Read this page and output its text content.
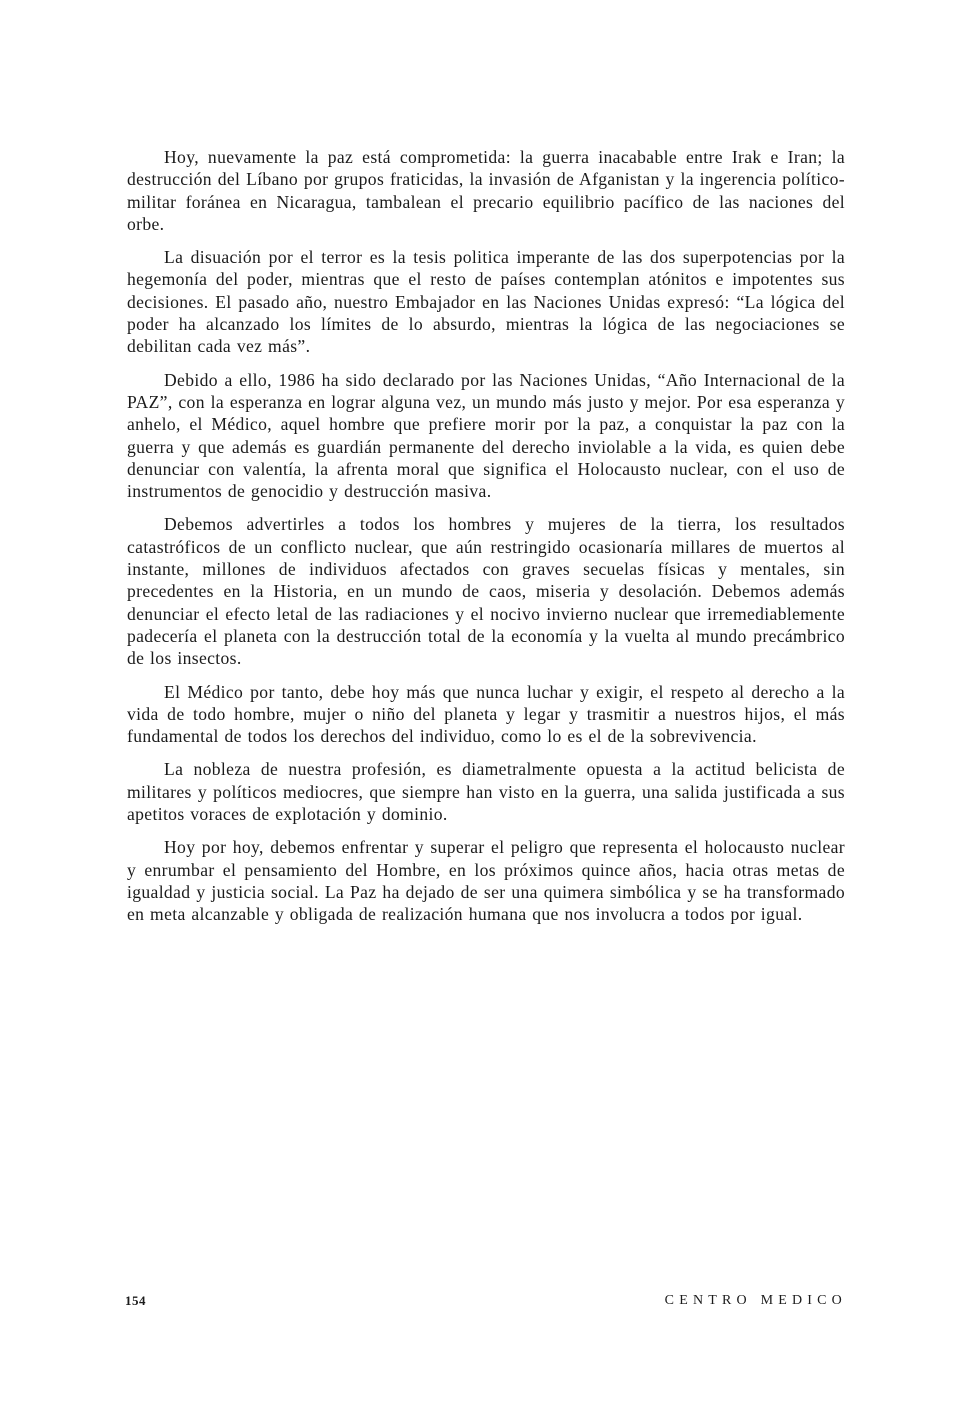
Hoy, nuevamente la paz está comprometida: la guerra inacabable entre Irak e Iran; la destrucción del Líbano por grupos fraticidas, la invasión de Afganistan y la ingerencia político-militar foránea en Nicaragua, tambalean el precario equilibrio pacífico de las naciones del orbe.

La disuación por el terror es la tesis politica imperante de las dos superpotencias por la hegemonía del poder, mientras que el resto de países contemplan atónitos e impotentes sus decisiones. El pasado año, nuestro Embajador en las Naciones Unidas expresó: “La lógica del poder ha alcanzado los límites de lo absurdo, mientras la lógica de las negociaciones se debilitan cada vez más”.

Debido a ello, 1986 ha sido declarado por las Naciones Unidas, “Año Internacional de la PAZ”, con la esperanza en lograr alguna vez, un mundo más justo y mejor. Por esa esperanza y anhelo, el Médico, aquel hombre que prefiere morir por la paz, a conquistar la paz con la guerra y que además es guardián permanente del derecho inviolable a la vida, es quien debe denunciar con valentía, la afrenta moral que significa el Holocausto nuclear, con el uso de instrumentos de genocidio y destrucción masiva.

Debemos advertirles a todos los hombres y mujeres de la tierra, los resultados catastróficos de un conflicto nuclear, que aún restringido ocasionaría millares de muertos al instante, millones de individuos afectados con graves secuelas físicas y mentales, sin precedentes en la Historia, en un mundo de caos, miseria y desolación. Debemos además denunciar el efecto letal de las radiaciones y el nocivo invierno nuclear que irremediablemente padecería el planeta con la destrucción total de la economía y la vuelta al mundo precámbrico de los insectos.

El Médico por tanto, debe hoy más que nunca luchar y exigir, el respeto al derecho a la vida de todo hombre, mujer o niño del planeta y legar y trasmitir a nuestros hijos, el más fundamental de todos los derechos del individuo, como lo es el de la sobrevivencia.

La nobleza de nuestra profesión, es diametralmente opuesta a la actitud belicista de militares y políticos mediocres, que siempre han visto en la guerra, una salida justificada a sus apetitos voraces de explotación y dominio.

Hoy por hoy, debemos enfrentar y superar el peligro que representa el holocausto nuclear y enrumbar el pensamiento del Hombre, en los próximos quince años, hacia otras metas de igualdad y justicia social. La Paz ha dejado de ser una quimera simbólica y se ha transformado en meta alcanzable y obligada de realización humana que nos involucra a todos por igual.

154	CENTRO MEDICO
